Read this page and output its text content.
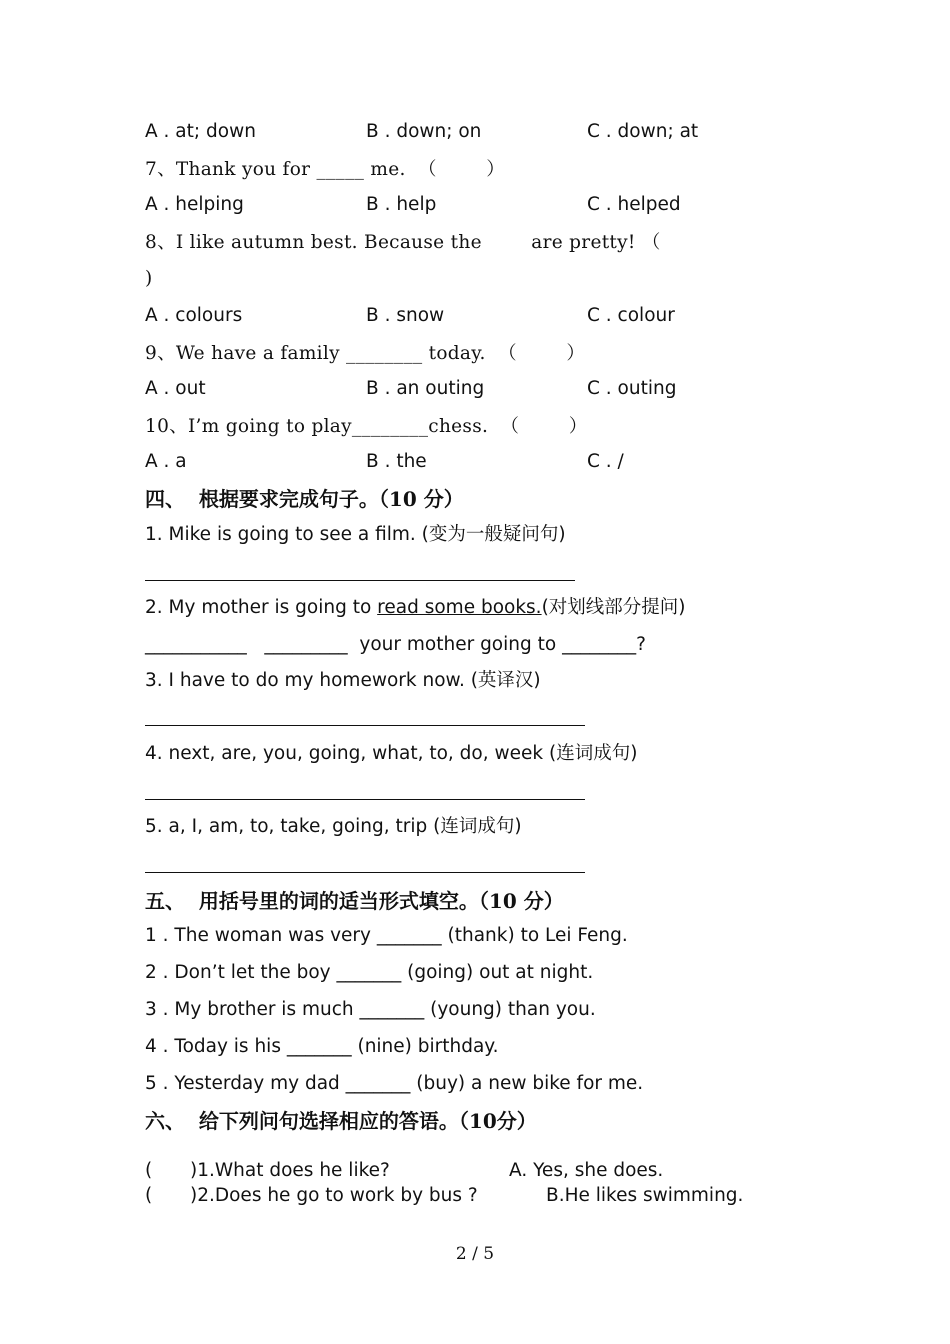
A . at; down	B . down; on	C . down; at
7、Thank you for _____ me.  （        ）
A . helping	B . help	C . helped
8、I like autumn best. Because the        are pretty! （
)
A . colours	B . snow	C . colour
9、We have a family ________ today.  （        ）
A . out	B . an outing	C . outing
10、I’m going to play________chess.  （        ）
A . a	B . the	C . /
四、  根据要求完成句子。（10 分）
1. Mike is going to see a film. (变为一般疑问句)
2. My mother is going to read some books.(对划线部分提问)
___________   _________  your mother going to ________?
3. I have to do my homework now. (英译汉)
4. next, are, you, going, what, to, do, week (连词成句)
5. a, I, am, to, take, going, trip (连词成句)
五、  用括号里的词的适当形式填空。（10 分）
1 . The woman was very _______ (thank) to Lei Feng.
2 . Don’t let the boy _______ (going) out at night.
3 . My brother is much _______ (young) than you.
4 . Today is his _______ (nine) birthday.
5 . Yesterday my dad _______ (buy) a new bike for me.
六、  给下列问句选择相应的答语。（10分）
( )1.What does he like?	A. Yes, she does.
( )2.Does he go to work by bus ?	B.He likes swimming.
2 / 5
